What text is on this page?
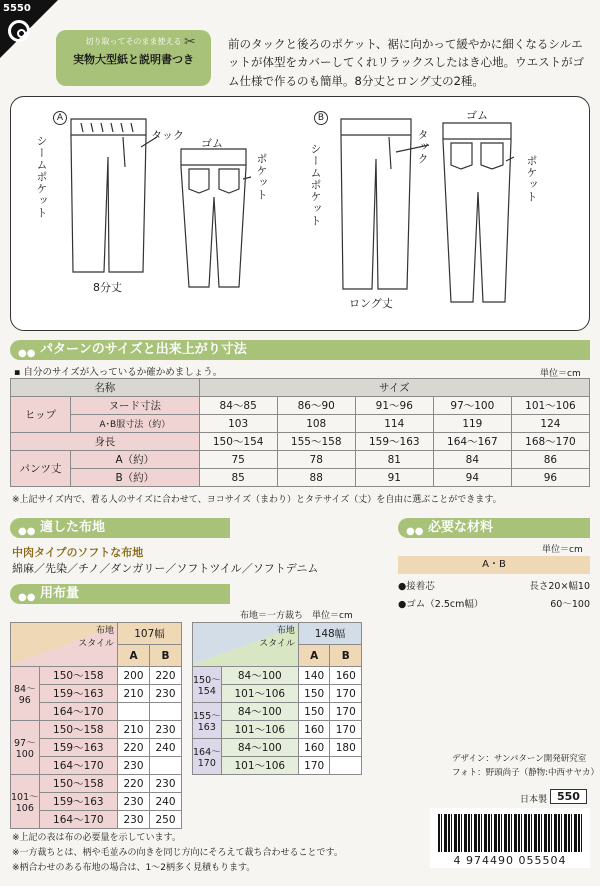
5550
切り取ってそのまま使える
実物大型紙と説明書つき
✂	前のタックと後ろのポケット、裾に向かって緩やかに細くなるシルエットが体型をカバーしてくれリラックスしたはき心地。ウエストがゴム仕様で作るのも簡単。8分丈とロング丈の2種。
A	B
タック
シームポケット	ゴム
ポケット
8分丈
タック
シームポケット
ゴム
ポケット
ロング丈
●● パターンのサイズと出来上がり寸法
▪ 自分のサイズが入っているか確かめましょう。	単位＝cm
名称		サイズ				
ヒップ	ヌード寸法	84〜85	86〜90	91〜96	97〜100	101〜106
	A･B服寸法（約）	103	108	114	119	124
身長		150〜154	155〜158	159〜163	164〜167	168〜170
パンツ丈	A（約）	75	78	81	84	86
	B（約）	85	88	91	94	96
※上記サイズ内で、着る人のサイズに合わせて、ヨコサイズ（まわり）とタテサイズ（丈）を自由に選ぶことができます。
●● 適した布地
中肉タイプのソフトな布地
綿麻／先染／チノ／ダンガリー／ソフトツイル／ソフトデニム
●● 必要な材料
単位＝cm
A・B
●接着芯	長さ20×幅10
●ゴム（2.5cm幅）	60〜100
●● 用布量
布地＝一方裁ち　単位＝cm
布地
スタイル		107幅	
		A	B
84〜96	150〜158	200	220
	159〜163	210	230
	164〜170		
97〜100	150〜158	210	230
	159〜163	220	240
	164〜170	230	
101〜106	150〜158	220	230
	159〜163	230	240
	164〜170	230	250
布地
スタイル		148幅	
		A	B
150〜154	84〜100	140	160
	101〜106	150	170
155〜163	84〜100	150	170
	101〜106	160	170
164〜170	84〜100	160	180
	101〜106	170	
※上記の表は布の必要量を示しています。
※一方裁ちとは、柄や毛並みの向きを同じ方向にそろえて裁ち合わせることです。
※柄合わせのある布地の場合は、1〜2柄多く見積もります。
デザイン：サンパターン開発研究室
フォト：野頭尚子（静物:中西サヤカ）
日本製 550
4 974490 055504
